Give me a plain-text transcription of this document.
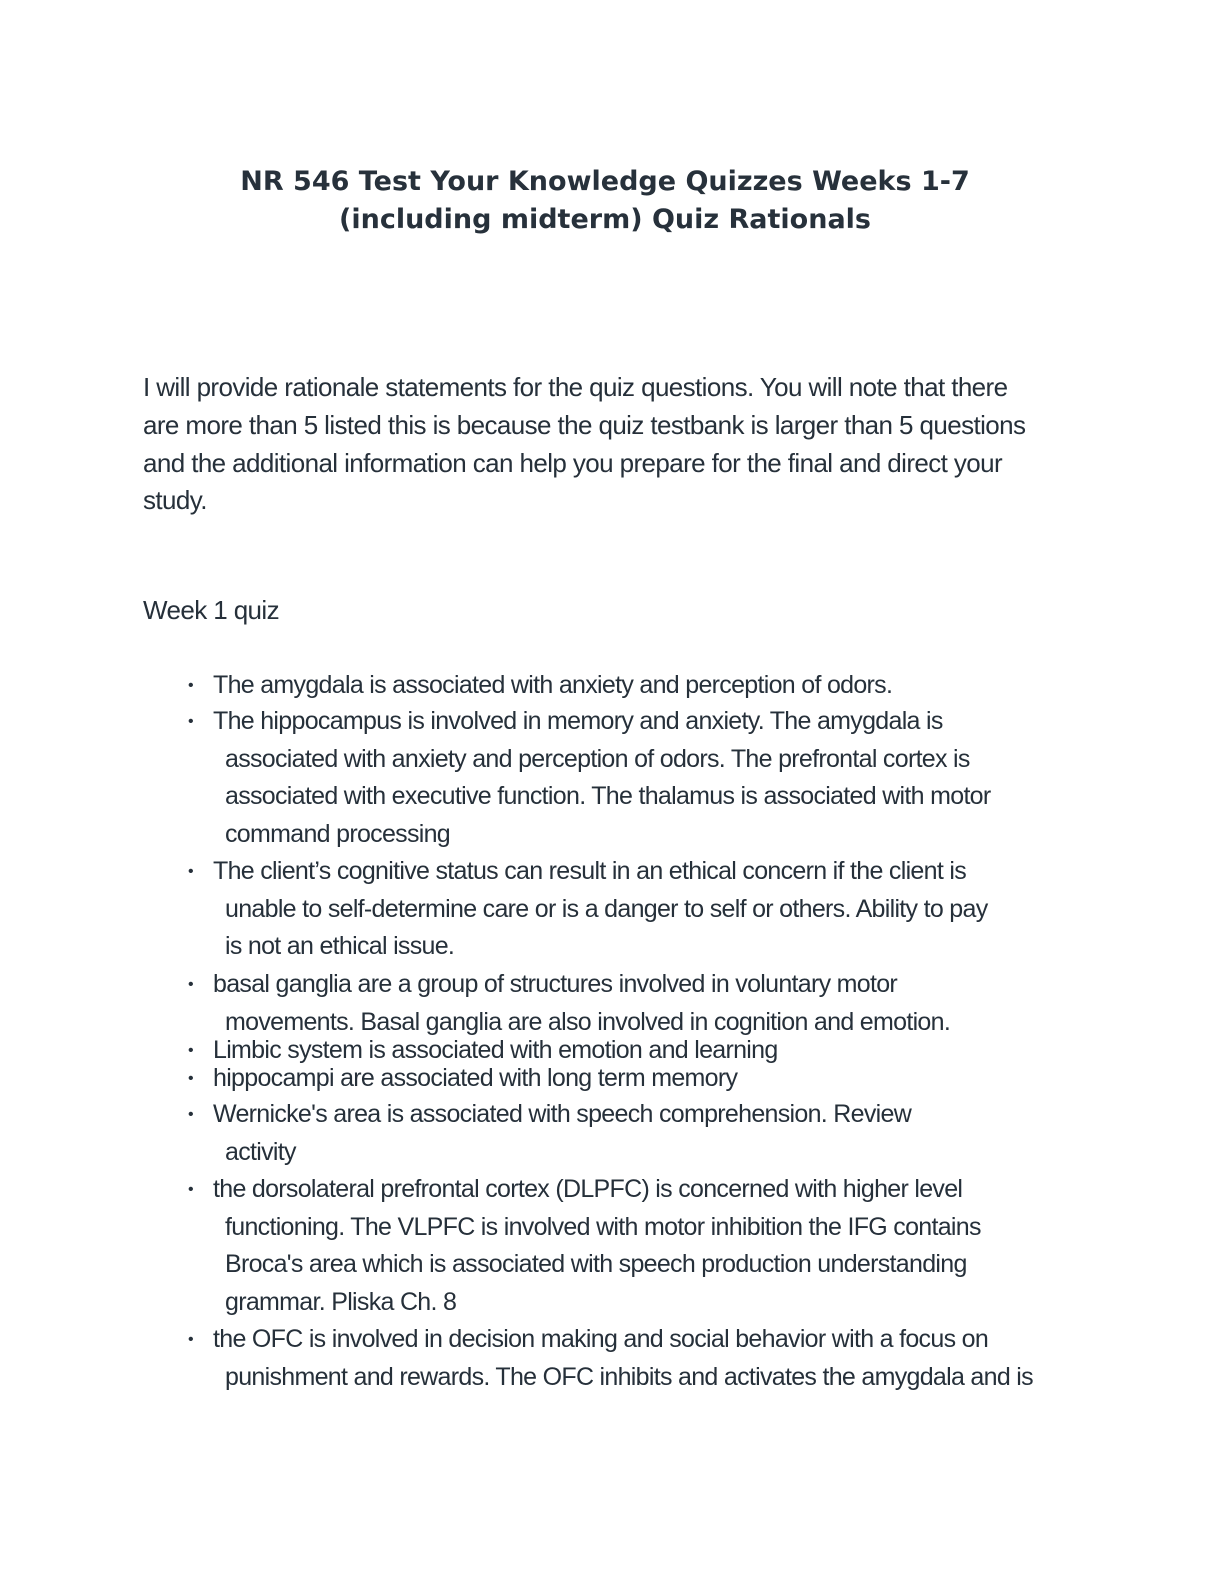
NR 546 Test Your Knowledge Quizzes Weeks 1-7
(including midterm) Quiz Rationals

I will provide rationale statements for the quiz questions. You will note that there
are more than 5 listed this is because the quiz testbank is larger than 5 questions
and the additional information can help you prepare for the final and direct your
study.

Week 1 quiz
• The amygdala is associated with anxiety and perception of odors.
• The hippocampus is involved in memory and anxiety. The amygdala is
associated with anxiety and perception of odors. The prefrontal cortex is
associated with executive function. The thalamus is associated with motor
command processing
• The client’s cognitive status can result in an ethical concern if the client is
unable to self-determine care or is a danger to self or others. Ability to pay
is not an ethical issue.
• basal ganglia are a group of structures involved in voluntary motor
movements. Basal ganglia are also involved in cognition and emotion.
• Limbic system is associated with emotion and learning
• hippocampi are associated with long term memory
• Wernicke's area is associated with speech comprehension. Review
activity
• the dorsolateral prefrontal cortex (DLPFC) is concerned with higher level
functioning. The VLPFC is involved with motor inhibition the IFG contains
Broca's area which is associated with speech production understanding
grammar. Pliska Ch. 8
• the OFC is involved in decision making and social behavior with a focus on
punishment and rewards. The OFC inhibits and activates the amygdala and is
